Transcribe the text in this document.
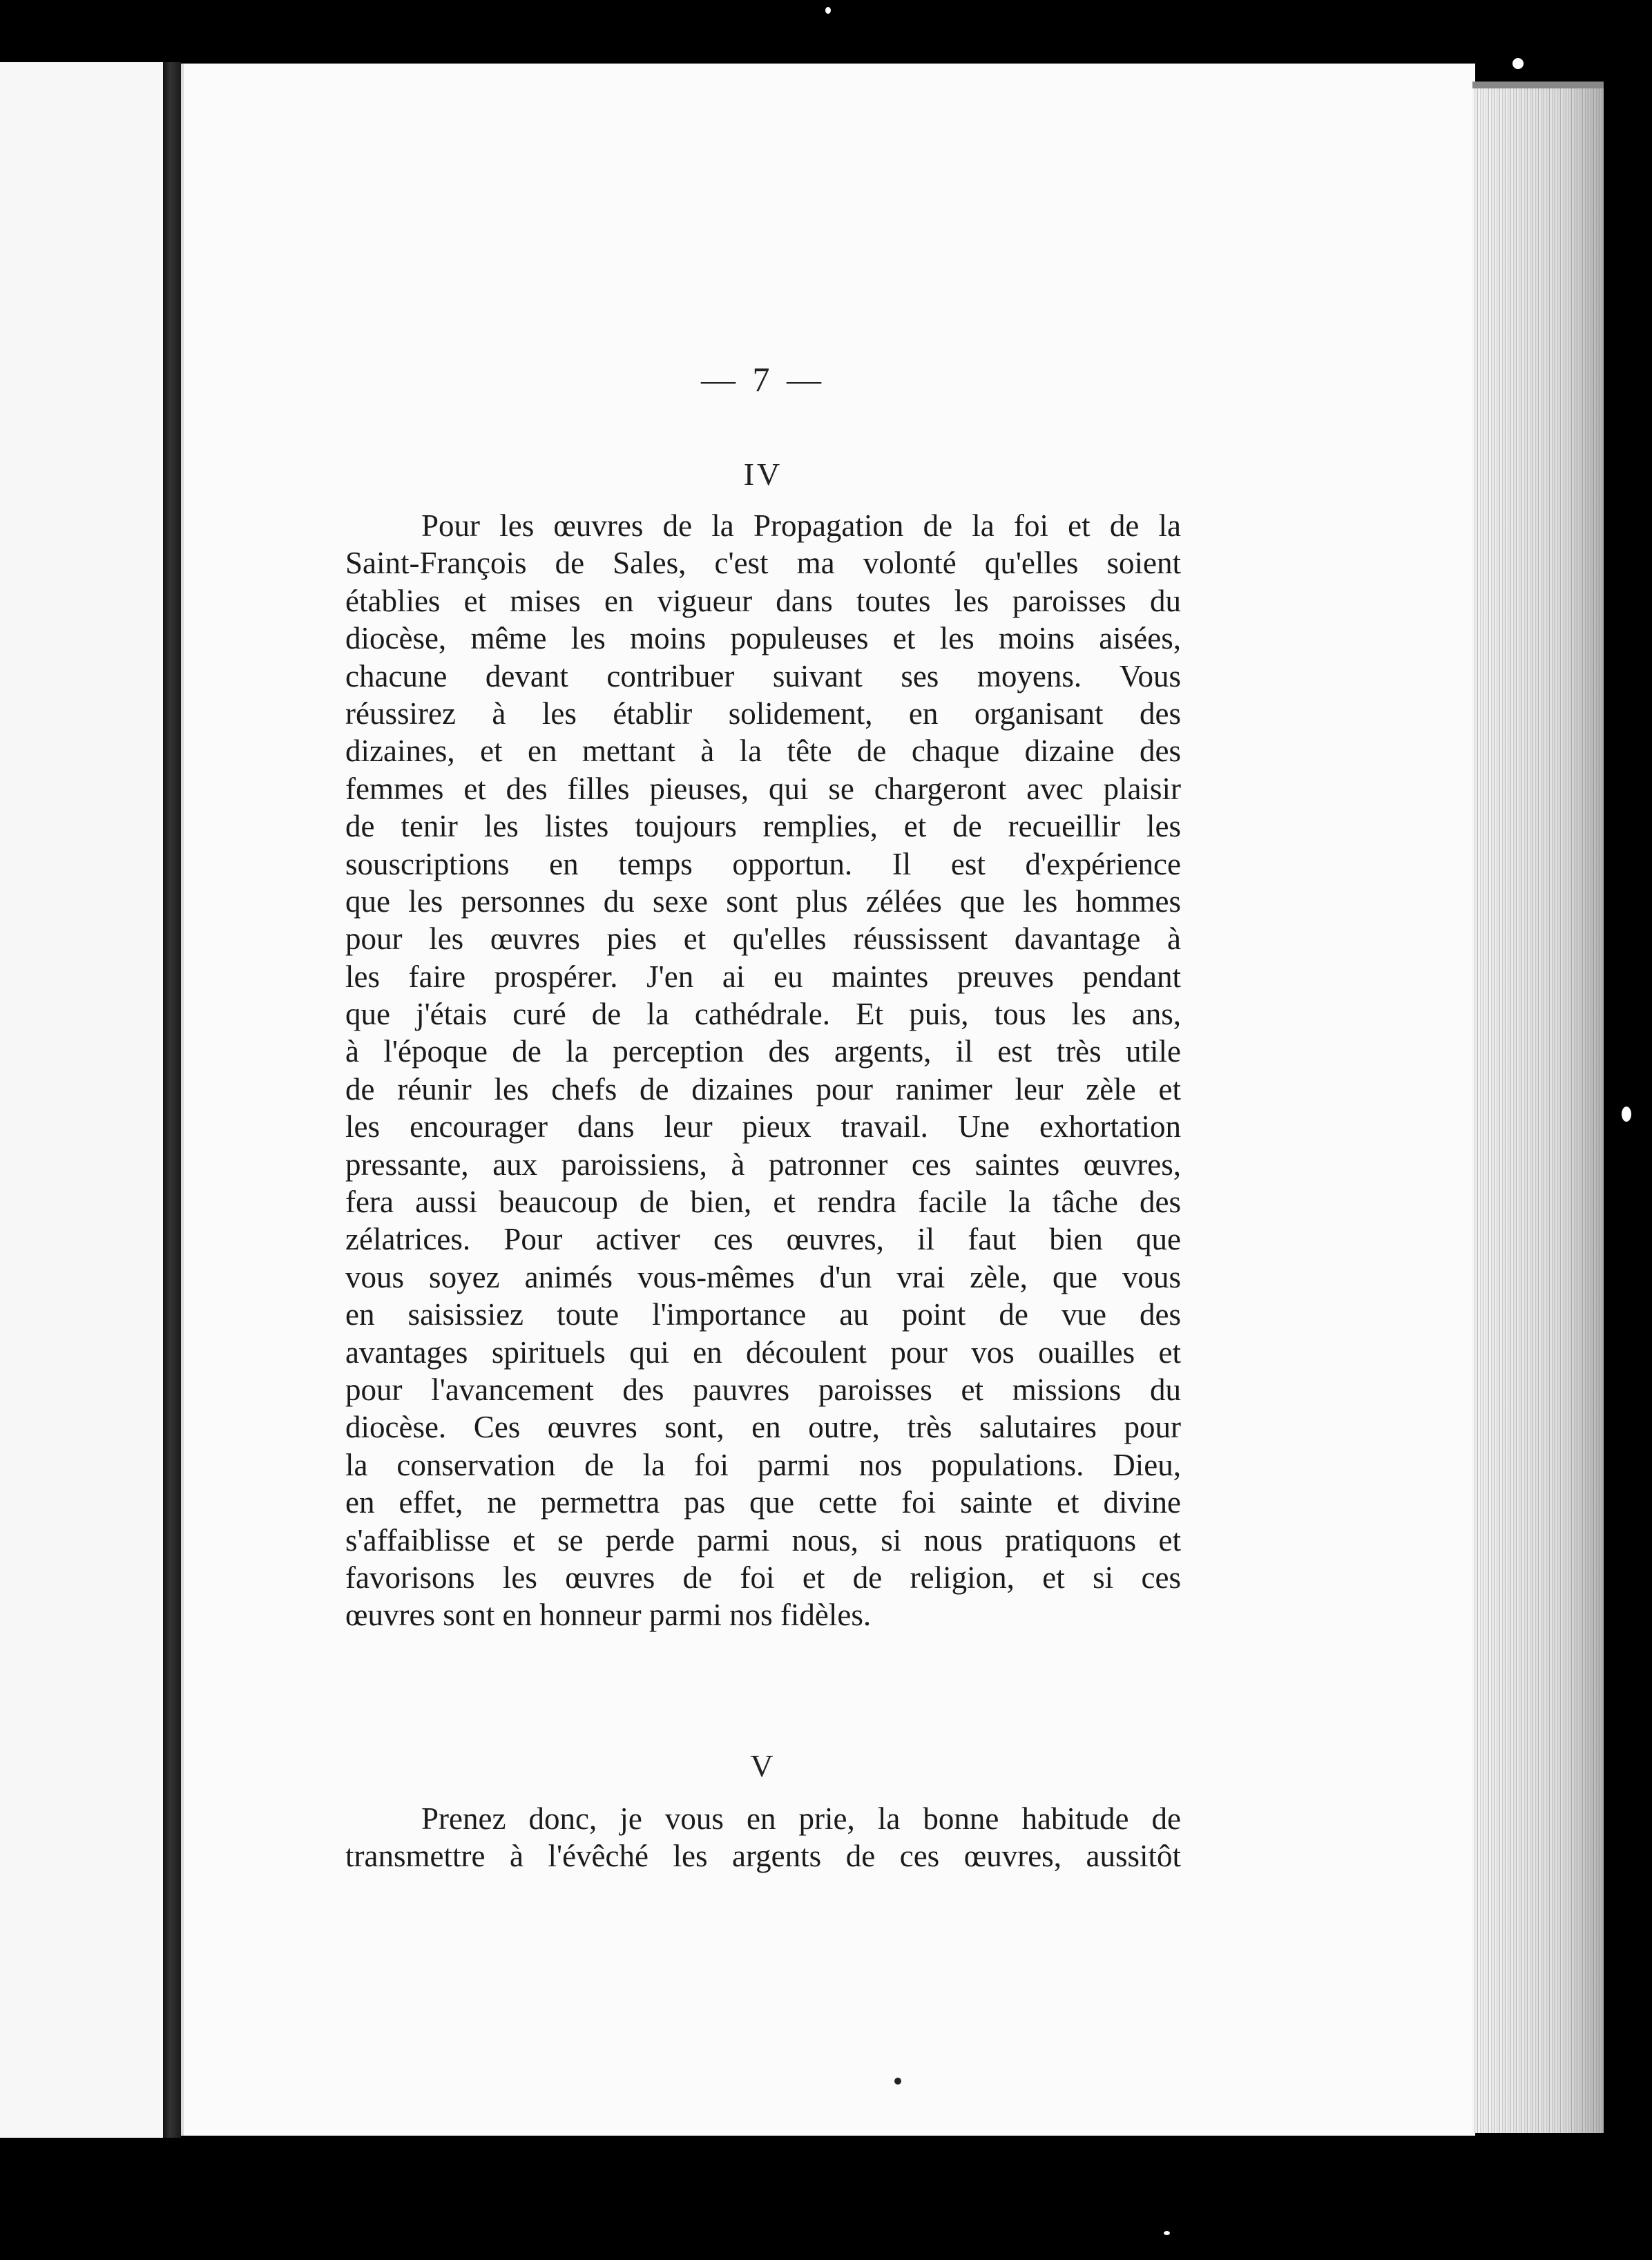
— 7 —
IV
Pour les œuvres de la Propagation de la foi et de la
Saint-François de Sales, c'est ma volonté qu'elles soient
établies et mises en vigueur dans toutes les paroisses du
diocèse, même les moins populeuses et les moins aisées,
chacune devant contribuer suivant ses moyens. Vous
réussirez à les établir solidement, en organisant des
dizaines, et en mettant à la tête de chaque dizaine des
femmes et des filles pieuses, qui se chargeront avec plaisir
de tenir les listes toujours remplies, et de recueillir les
souscriptions en temps opportun. Il est d'expérience
que les personnes du sexe sont plus zélées que les hommes
pour les œuvres pies et qu'elles réussissent davantage à
les faire prospérer. J'en ai eu maintes preuves pendant
que j'étais curé de la cathédrale. Et puis, tous les ans,
à l'époque de la perception des argents, il est très utile
de réunir les chefs de dizaines pour ranimer leur zèle et
les encourager dans leur pieux travail. Une exhortation
pressante, aux paroissiens, à patronner ces saintes œuvres,
fera aussi beaucoup de bien, et rendra facile la tâche des
zélatrices. Pour activer ces œuvres, il faut bien que
vous soyez animés vous-mêmes d'un vrai zèle, que vous
en saisissiez toute l'importance au point de vue des
avantages spirituels qui en découlent pour vos ouailles et
pour l'avancement des pauvres paroisses et missions du
diocèse. Ces œuvres sont, en outre, très salutaires pour
la conservation de la foi parmi nos populations. Dieu,
en effet, ne permettra pas que cette foi sainte et divine
s'affaiblisse et se perde parmi nous, si nous pratiquons et
favorisons les œuvres de foi et de religion, et si ces
œuvres sont en honneur parmi nos fidèles.
V
Prenez donc, je vous en prie, la bonne habitude de
transmettre à l'évêché les argents de ces œuvres, aussitôt
